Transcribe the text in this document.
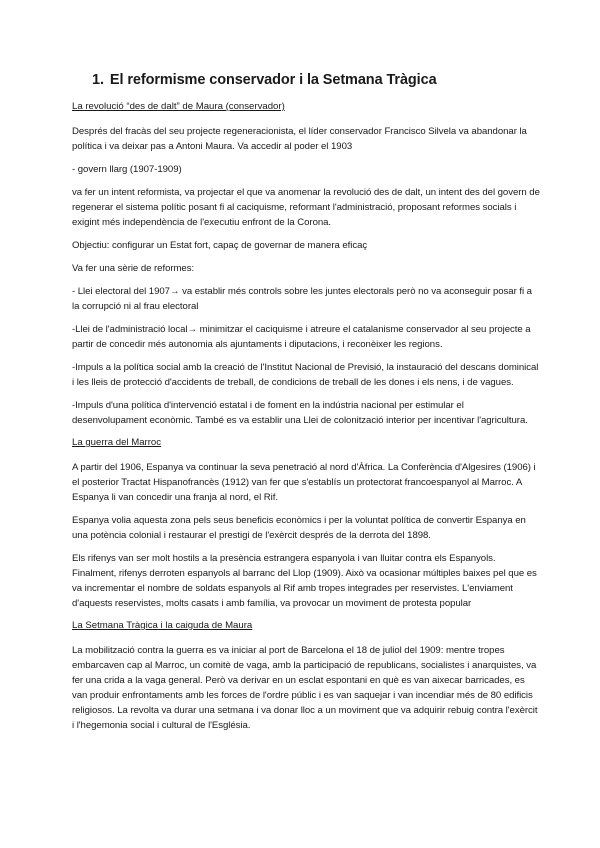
1. El reformisme conservador i la Setmana Tràgica
La revolució “des de dalt” de Maura (conservador)

Després del fracàs del seu projecte regeneracionista, el líder conservador Francisco Silvela va abandonar la política i va deixar pas a Antoni Maura. Va accedir al poder el 1903

- govern llarg (1907-1909)

va fer un intent reformista, va projectar el que va anomenar la revolució des de dalt, un intent des del govern de regenerar el sistema polític posant fi al caciquisme, reformant l'administració, proposant reformes socials i exigint més independència de l'executiu enfront de la Corona.

Objectiu: configurar un Estat fort, capaç de governar de manera eficaç

Va fer una sèrie de reformes:

- Llei electoral del 1907→ va establir més controls sobre les juntes electorals però no va aconseguir posar fi a la corrupció ni al frau electoral

-Llei de l'administració local→ minimitzar el caciquisme i atreure el catalanisme conservador al seu projecte a partir de concedir més autonomia als ajuntaments i diputacions, i reconèixer les regions.

-Impuls a la política social amb la creació de l'Institut Nacional de Previsió, la instauració del descans dominical i les lleis de protecció d'accidents de treball, de condicions de treball de les dones i els nens, i de vagues.

-Impuls d'una política d'intervenció estatal i de foment en la indústria nacional per estimular el desenvolupament econòmic. També es va establir una Llei de colonització interior per incentivar l'agricultura.

La guerra del Marroc

A partir del 1906, Espanya va continuar la seva penetració al nord d'Àfrica. La Conferència d'Algesires (1906) i el posterior Tractat Hispanofrancès (1912) van fer que s'establís un protectorat francoespanyol al Marroc. A Espanya li van concedir una franja al nord, el Rif.

Espanya volia aquesta zona pels seus beneficis econòmics i per la voluntat política de convertir Espanya en una potència colonial i restaurar el prestigi de l'exèrcit després de la derrota del 1898.

Els rifenys van ser molt hostils a la presència estrangera espanyola i van lluitar contra els Espanyols. Finalment, rifenys derroten espanyols al barranc del Llop (1909). Això va ocasionar múltiples baixes pel que es va incrementar el nombre de soldats espanyols al Rif amb tropes integrades per reservistes. L'enviament d'aquests reservistes, molts casats i amb família, va provocar un moviment de protesta popular

La Setmana Tràgica i la caiguda de Maura

La mobilització contra la guerra es va iniciar al port de Barcelona el 18 de juliol del 1909: mentre tropes embarcaven cap al Marroc, un comitè de vaga, amb la participació de republicans, socialistes i anarquistes, va fer una crida a la vaga general. Però va derivar en un esclat espontani en què es van aixecar barricades, es van produir enfrontaments amb les forces de l'ordre públic i es van saquejar i van incendiar més de 80 edificis religiosos. La revolta va durar una setmana i va donar lloc a un moviment que va adquirir rebuig contra l'exèrcit i l'hegemonia social i cultural de l'Església.
